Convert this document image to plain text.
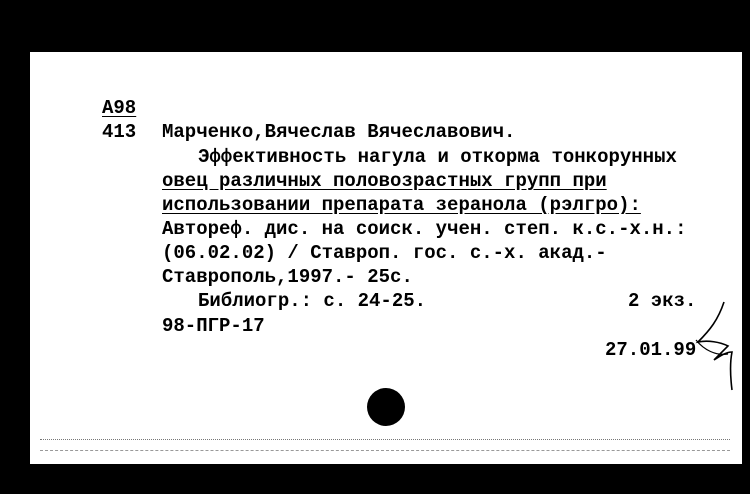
А98
413 Марченко,Вячеслав Вячеславович.
Эффективность нагула и откорма тонкорунных
овец различных половозрастных групп при
использовании препарата зеранола (рэлгро):
Автореф. дис. на соиск. учен. степ. к.с.-х.н.:
(06.02.02) / Ставроп. гос. с.-х. акад.-
Ставрополь,1997.- 25с.
Библиогр.: с. 24-25.	2 экз.
98-ПГР-17
27.01.99
